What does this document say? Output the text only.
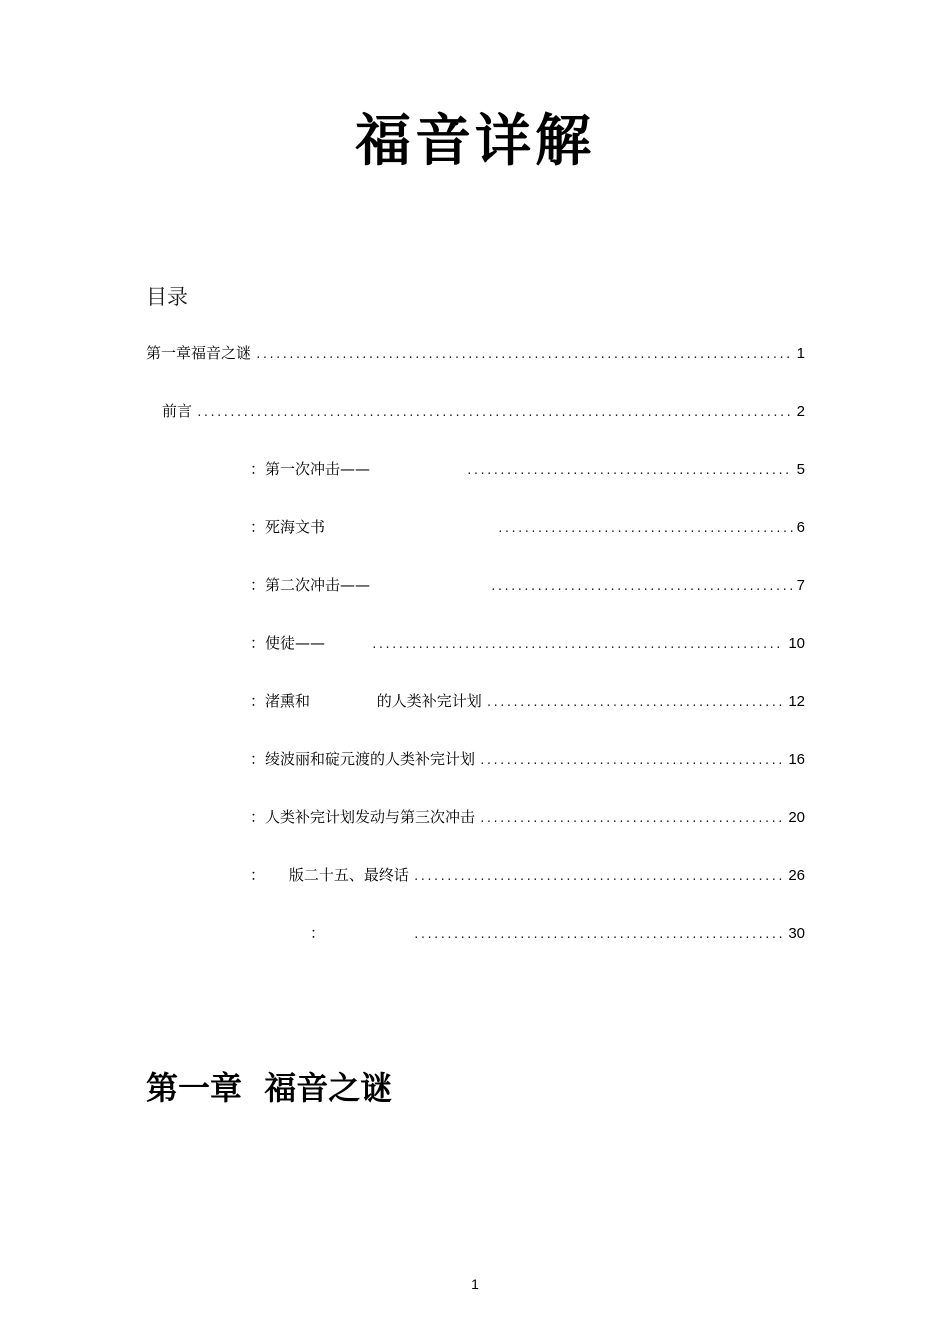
福音详解
目录
第一章福音之谜 .....	1
前言 .....	2
：第一次冲击—— .....	5
：死海文书 .....	6
：第二次冲击—— .....	7
：使徒—— .....	10
：渚熏和              的人类补完计划 .....	12
：绫波丽和碇元渡的人类补完计划 .....	16
：人类补完计划发动与第三次冲击 .....	20
：     版二十五、最终话 .....	26
： .....	30
第一章  福音之谜
1
